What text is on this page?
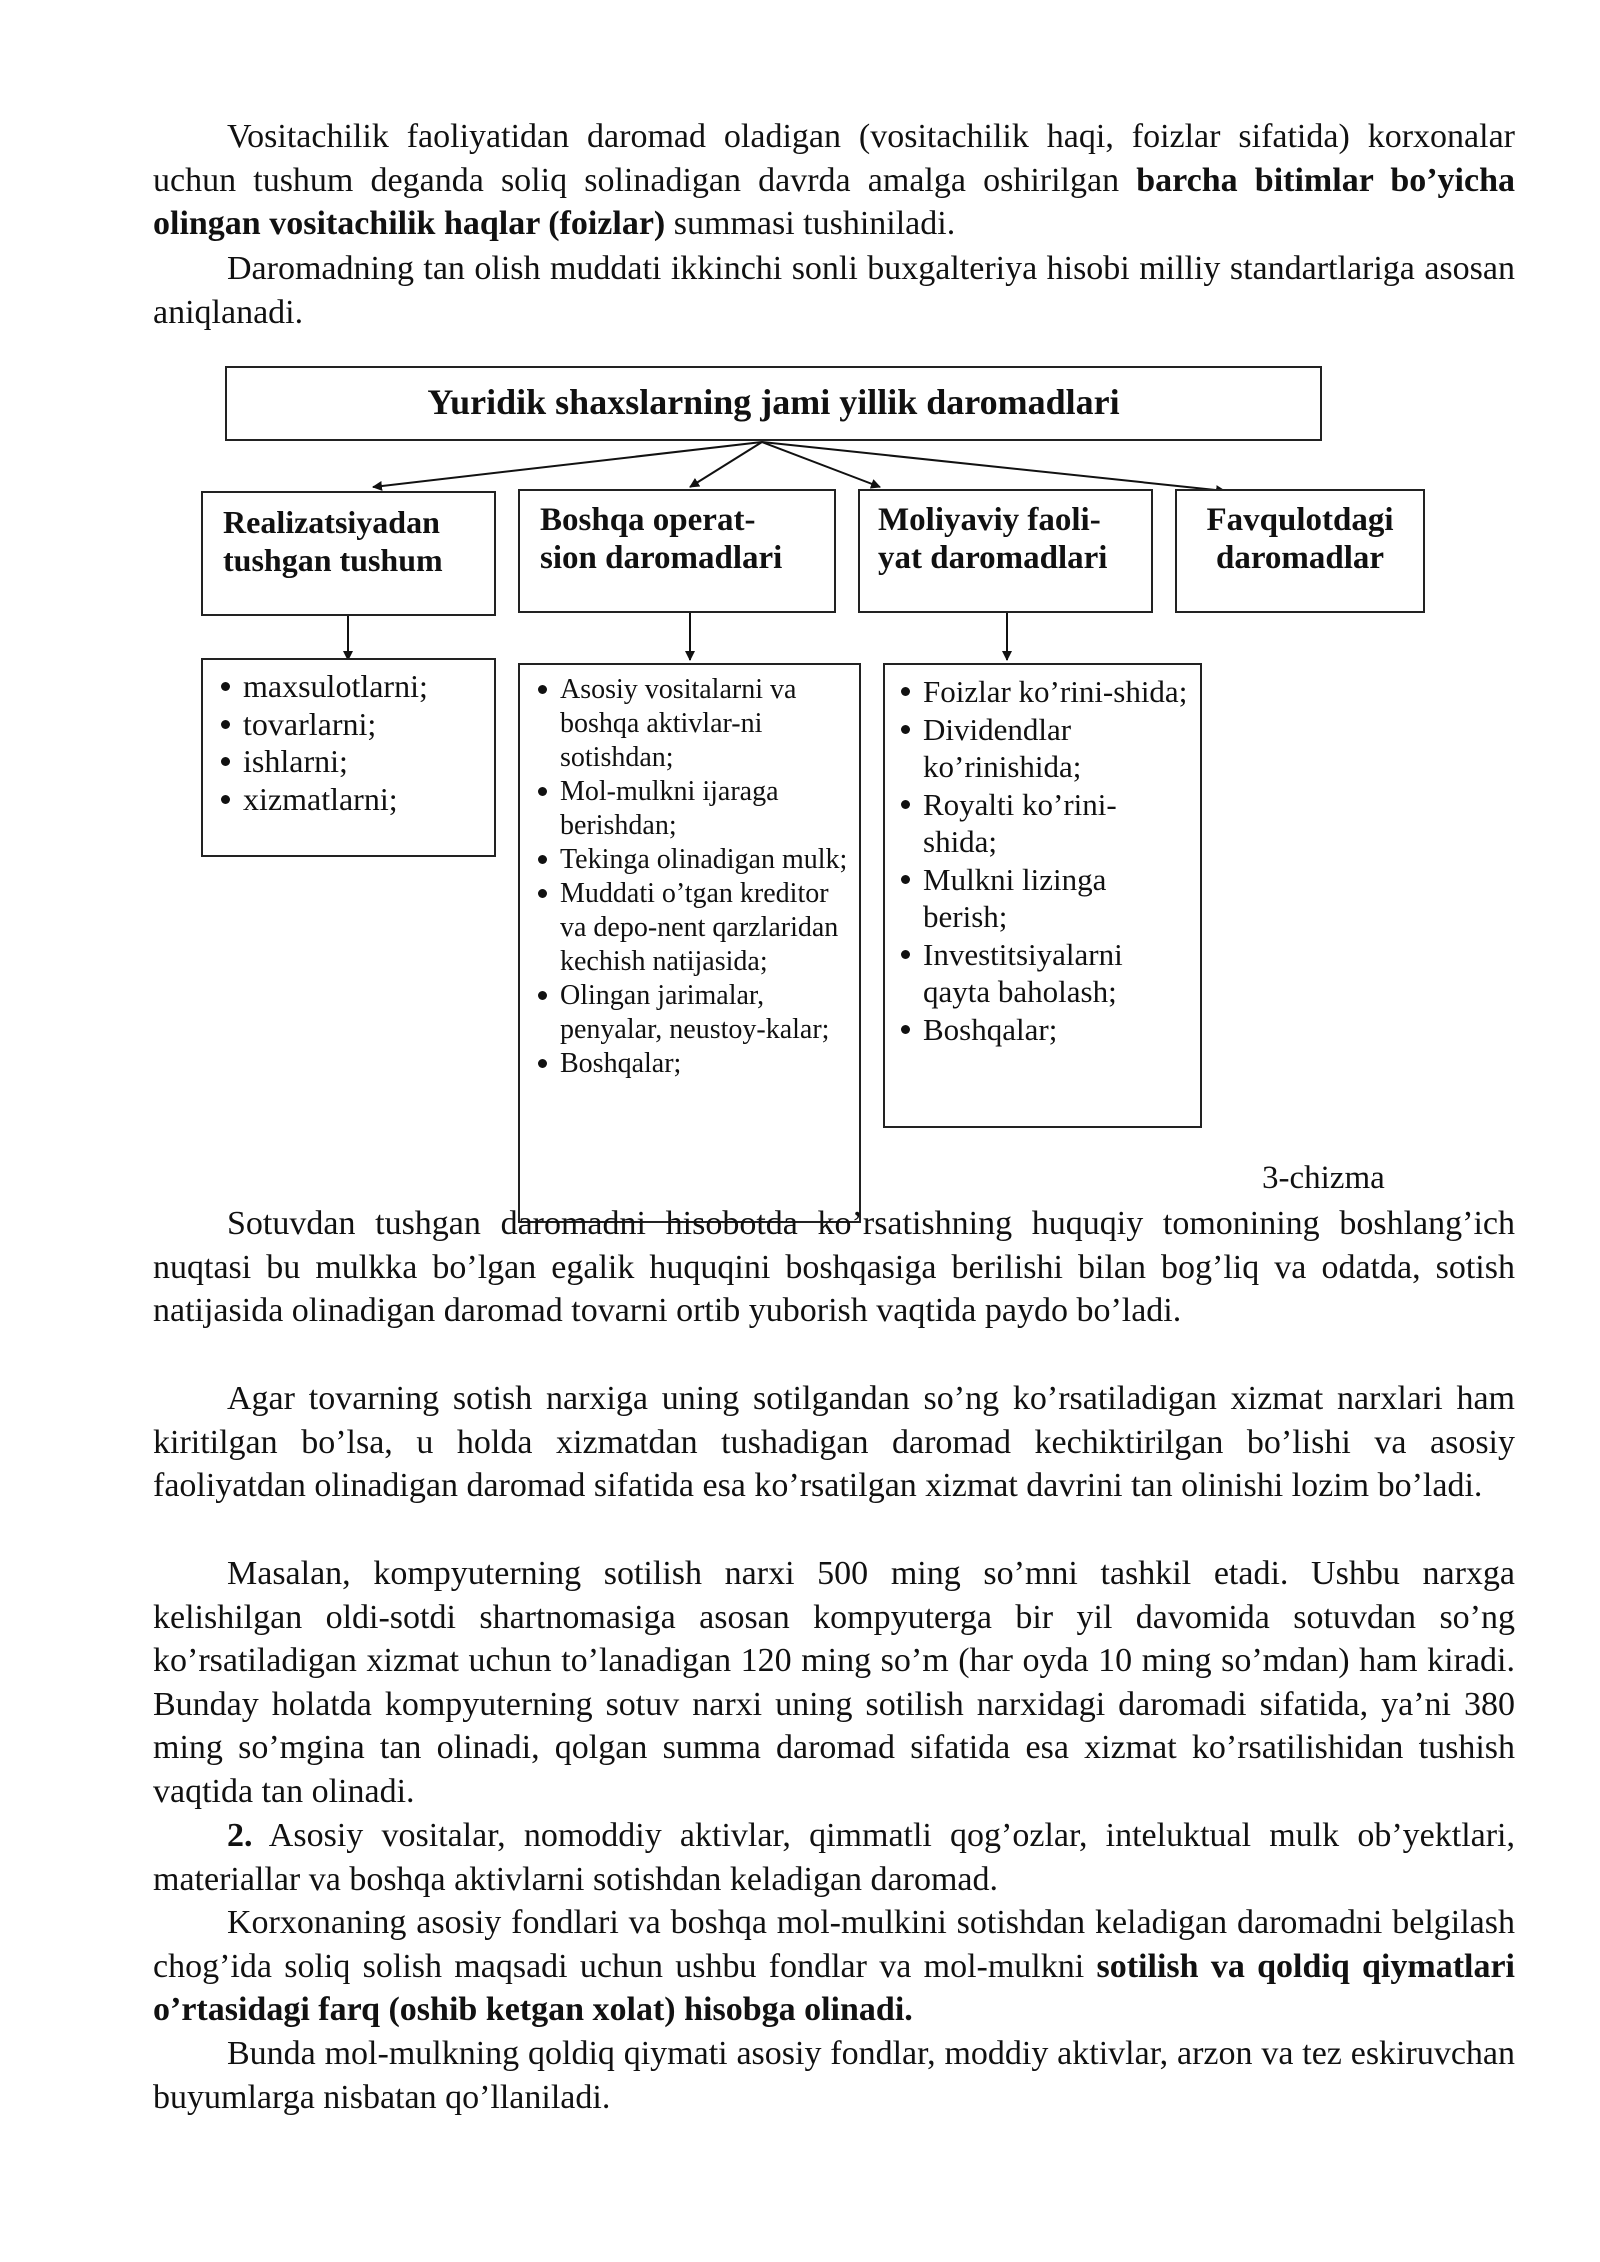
Vositachilik faoliyatidan daromad oladigan (vositachilik haqi, foizlar sifatida) korxonalar uchun tushum deganda soliq solinadigan davrda amalga oshirilgan barcha bitimlar bo’yicha olingan vositachilik haqlar (foizlar) summasi tushiniladi.

Daromadning tan olish muddati ikkinchi sonli buxgalteriya hisobi milliy standartlariga asosan aniqlanadi.

Yuridik shaxslarning jami yillik daromadlari
Realizatsiyadan
tushgan tushum
Boshqa operat-
sion daromadlari
Moliyaviy faoli-
yat daromadlari
Favqulotdagi
daromadlar
maxsulotlarni;
tovarlarni;
ishlarni;
xizmatlarni;
Asosiy vositalarni va boshqa aktivlar-ni sotishdan;
Mol-mulkni ijaraga berishdan;
Tekinga olinadigan mulk;
Muddati o’tgan kreditor va depo-nent qarzlaridan kechish natijasida;
Olingan jarimalar, penyalar, neustoy-kalar;
Boshqalar;
Foizlar ko’rini-shida;
Dividendlar ko’rinishida;
Royalti ko’rini-shida;
Mulkni lizinga berish;
Investitsiyalarni qayta baholash;
Boshqalar;
3-chizma

Sotuvdan tushgan daromadni hisobotda ko’rsatishning huquqiy tomonining boshlang’ich nuqtasi bu mulkka bo’lgan egalik huquqini boshqasiga berilishi bilan bog’liq va odatda, sotish natijasida olinadigan daromad tovarni ortib yuborish vaqtida paydo bo’ladi.

Agar tovarning sotish narxiga uning sotilgandan so’ng ko’rsatiladigan xizmat narxlari ham kiritilgan bo’lsa, u holda xizmatdan tushadigan daromad kechiktirilgan bo’lishi va asosiy faoliyatdan olinadigan daromad sifatida esa ko’rsatilgan xizmat davrini tan olinishi lozim bo’ladi.

Masalan, kompyuterning sotilish narxi 500 ming so’mni tashkil etadi. Ushbu narxga kelishilgan oldi-sotdi shartnomasiga asosan kompyuterga bir yil davomida sotuvdan so’ng ko’rsatiladigan xizmat uchun to’lanadigan 120 ming so’m (har oyda 10 ming so’mdan) ham kiradi. Bunday holatda kompyuterning sotuv narxi uning sotilish narxidagi daromadi sifatida, ya’ni 380 ming so’mgina tan olinadi, qolgan summa daromad sifatida esa xizmat ko’rsatilishidan tushish vaqtida tan olinadi.

2. Asosiy vositalar, nomoddiy aktivlar, qimmatli qog’ozlar, inteluktual mulk ob’yektlari, materiallar va boshqa aktivlarni sotishdan keladigan daromad.

Korxonaning asosiy fondlari va boshqa mol-mulkini sotishdan keladigan daromadni belgilash chog’ida soliq solish maqsadi uchun ushbu fondlar va mol-mulkni sotilish va qoldiq qiymatlari o’rtasidagi farq (oshib ketgan xolat) hisobga olinadi.

Bunda mol-mulkning qoldiq qiymati asosiy fondlar, moddiy aktivlar, arzon va tez eskiruvchan buyumlarga nisbatan qo’llaniladi.
